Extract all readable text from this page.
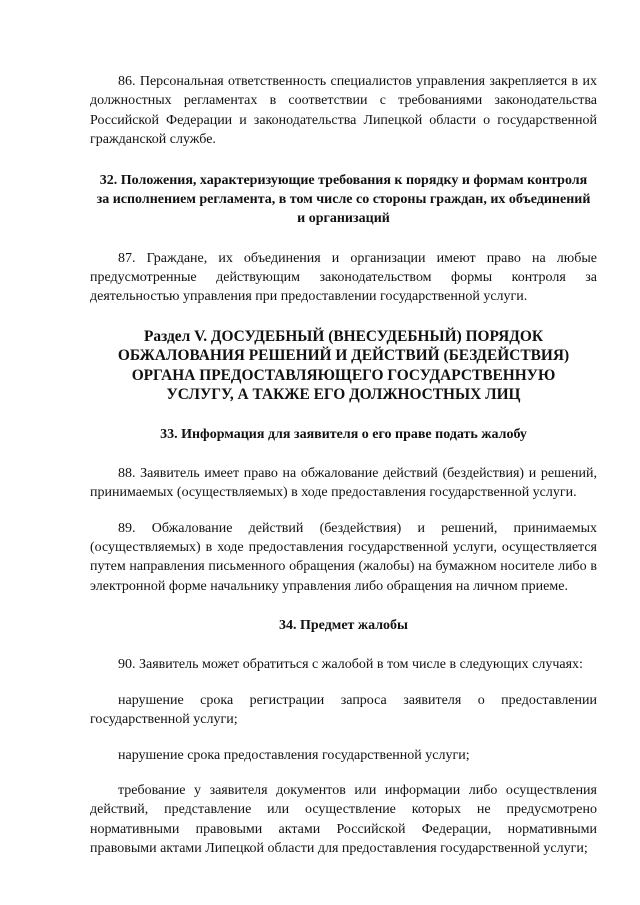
86. Персональная ответственность специалистов управления закрепляется в их должностных регламентах в соответствии с требованиями законодательства Российской Федерации и законодательства Липецкой области о государственной гражданской службе.

32. Положения, характеризующие требования к порядку и формам контроля за исполнением регламента, в том числе со стороны граждан, их объединений и организаций

87. Граждане, их объединения и организации имеют право на любые предусмотренные действующим законодательством формы контроля за деятельностью управления при предоставлении государственной услуги.

Раздел V. ДОСУДЕБНЫЙ (ВНЕСУДЕБНЫЙ) ПОРЯДОК ОБЖАЛОВАНИЯ РЕШЕНИЙ И ДЕЙСТВИЙ (БЕЗДЕЙСТВИЯ) ОРГАНА ПРЕДОСТАВЛЯЮЩЕГО ГОСУДАРСТВЕННУЮ УСЛУГУ, А ТАКЖЕ ЕГО ДОЛЖНОСТНЫХ ЛИЦ

33. Информация для заявителя о его праве подать жалобу

88. Заявитель имеет право на обжалование действий (бездействия) и решений, принимаемых (осуществляемых) в ходе предоставления государственной услуги.

89. Обжалование действий (бездействия) и решений, принимаемых (осуществляемых) в ходе предоставления государственной услуги, осуществляется путем направления письменного обращения (жалобы) на бумажном носителе либо в электронной форме начальнику управления либо обращения на личном приеме.

34. Предмет жалобы

90. Заявитель может обратиться с жалобой в том числе в следующих случаях:

нарушение срока регистрации запроса заявителя о предоставлении государственной услуги;

нарушение срока предоставления государственной услуги;

требование у заявителя документов или информации либо осуществления действий, представление или осуществление которых не предусмотрено нормативными правовыми актами Российской Федерации, нормативными правовыми актами Липецкой области для предоставления государственной услуги;
